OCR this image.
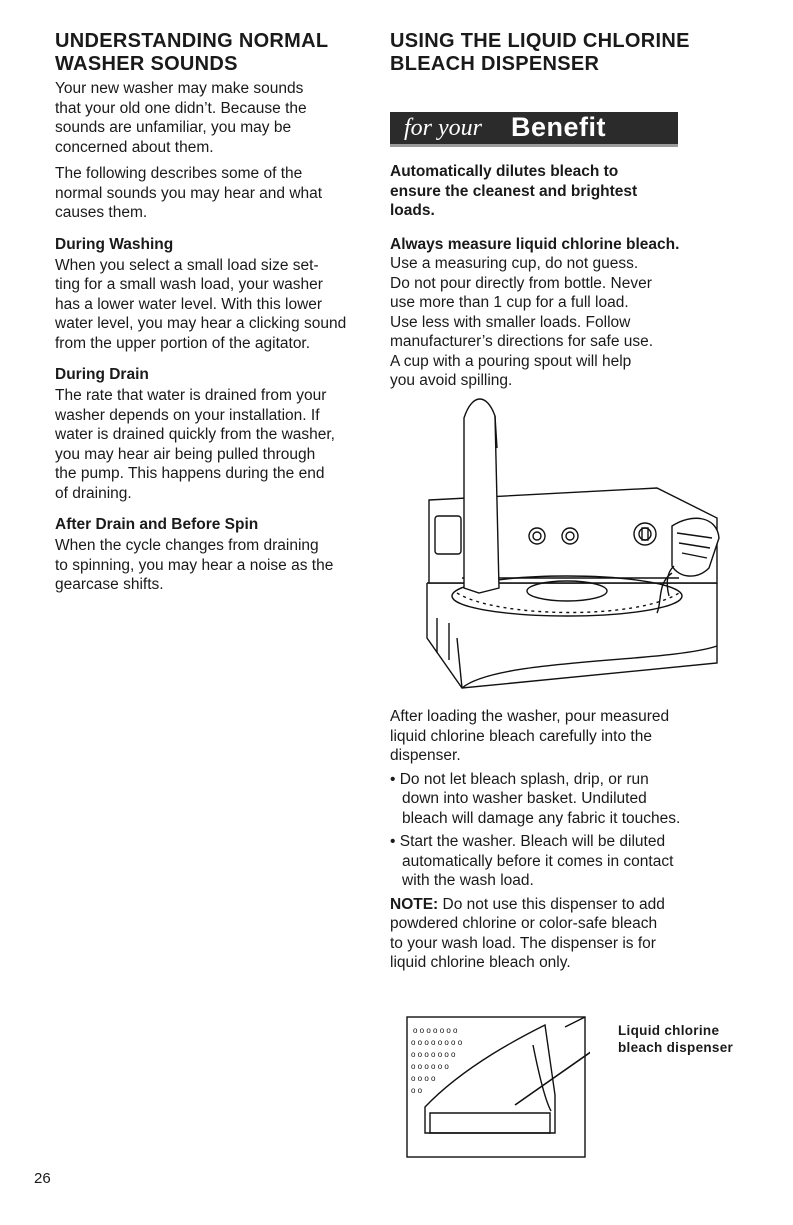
UNDERSTANDING NORMAL
WASHER SOUNDS

Your new washer may make sounds
that your old one didn’t. Because the
sounds are unfamiliar, you may be
concerned about them.

The following describes some of the
normal sounds you may hear and what
causes them.

During Washing

When you select a small load size set-
ting for a small wash load, your washer
has a lower water level. With this lower
water level, you may hear a clicking sound
from the upper portion of the agitator.

During Drain

The rate that water is drained from your
washer depends on your installation. If
water is drained quickly from the washer,
you may hear air being pulled through
the pump. This happens during the end
of draining.

After Drain and Before Spin

When the cycle changes from draining
to spinning, you may hear a noise as the
gearcase shifts.

USING THE LIQUID CHLORINE
BLEACH DISPENSER
for your Benefit

Automatically dilutes bleach to
ensure the cleanest and brightest
loads.

Always measure liquid chlorine bleach.
Use a measuring cup, do not guess.
Do not pour directly from bottle. Never
use more than 1 cup for a full load.
Use less with smaller loads. Follow
manufacturer’s directions for safe use.
A cup with a pouring spout will help
you avoid spilling.

After loading the washer, pour measured
liquid chlorine bleach carefully into the
dispenser.

• Do not let bleach splash, drip, or run
down into washer basket. Undiluted
bleach will damage any fabric it touches.

• Start the washer. Bleach will be diluted
automatically before it comes in contact
with the wash load.

NOTE: Do not use this dispenser to add
powdered chlorine or color-safe bleach
to your wash load. The dispenser is for
liquid chlorine bleach only.

o o o o o o o
o o o o o o o o
o o o o o o o
o o o o o o
o o o o
o o
Liquid chlorine
bleach dispenser
26
